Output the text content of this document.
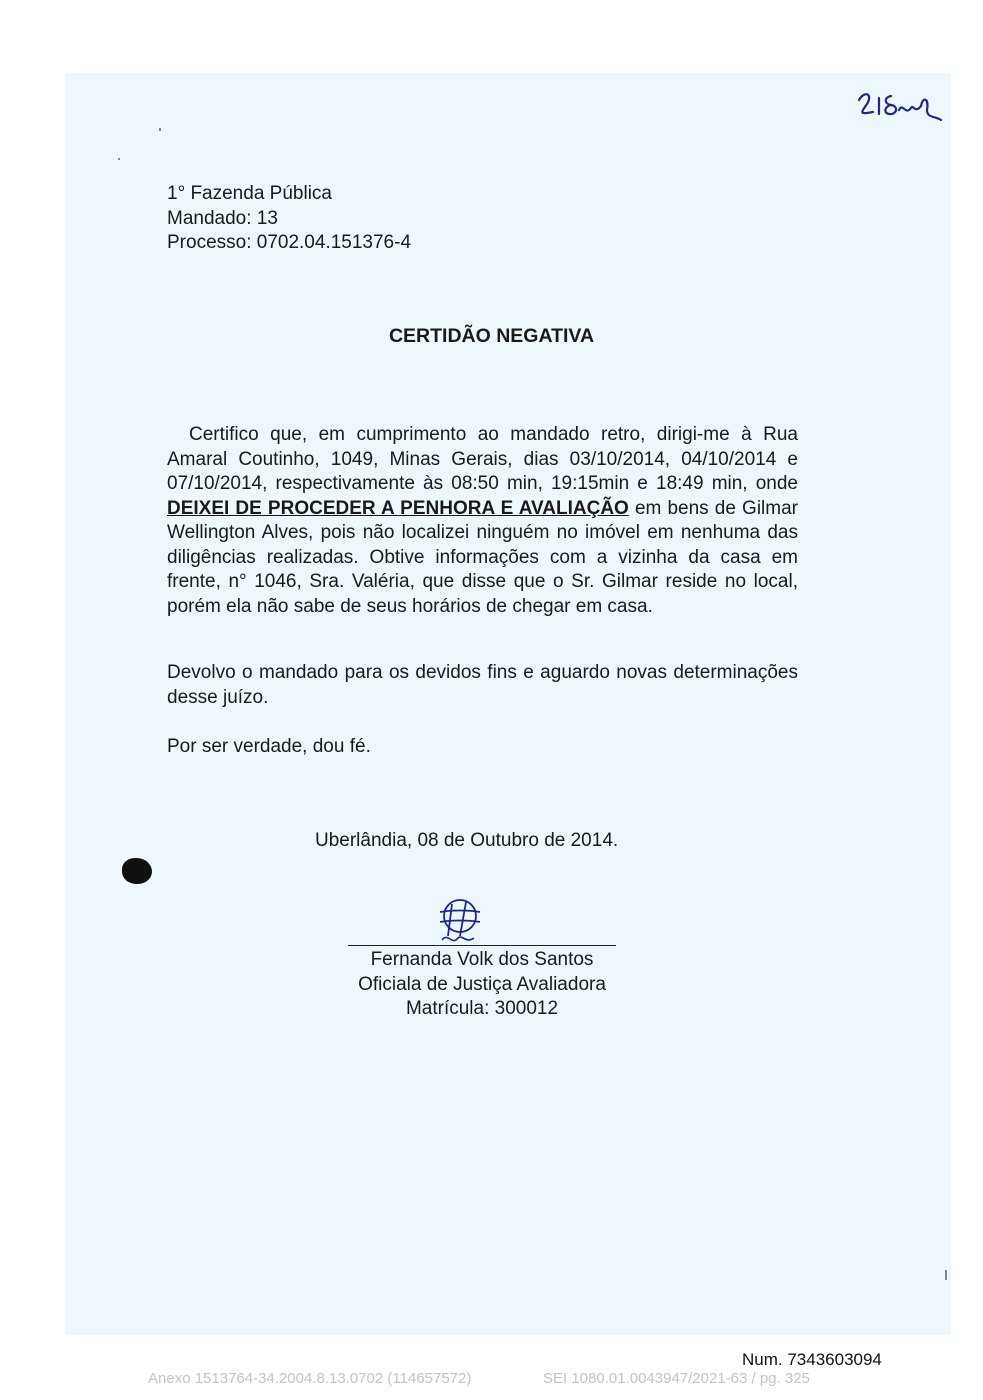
1° Fazenda Pública
Mandado: 13
Processo: 0702.04.151376-4
CERTIDÃO NEGATIVA
Certifico que, em cumprimento ao mandado retro, dirigi-me à Rua Amaral Coutinho, 1049, Minas Gerais, dias 03/10/2014, 04/10/2014 e 07/10/2014, respectivamente às 08:50 min, 19:15min e 18:49 min, onde DEIXEI DE PROCEDER A PENHORA E AVALIAÇÃO em bens de Gilmar Wellington Alves, pois não localizei ninguém no imóvel em nenhuma das diligências realizadas. Obtive informações com a vizinha da casa em frente, n° 1046, Sra. Valéria, que disse que o Sr. Gilmar reside no local, porém ela não sabe de seus horários de chegar em casa.
Devolvo o mandado para os devidos fins e aguardo novas determinações desse juízo.
Por ser verdade, dou fé.
Uberlândia, 08 de Outubro de 2014.
Fernanda Volk dos Santos
Oficiala de Justiça Avaliadora
Matrícula: 300012
Num. 7343603094
Anexo 1513764-34.2004.8.13.0702 (114657572)	SEI 1080.01.0043947/2021-63 / pg. 325
